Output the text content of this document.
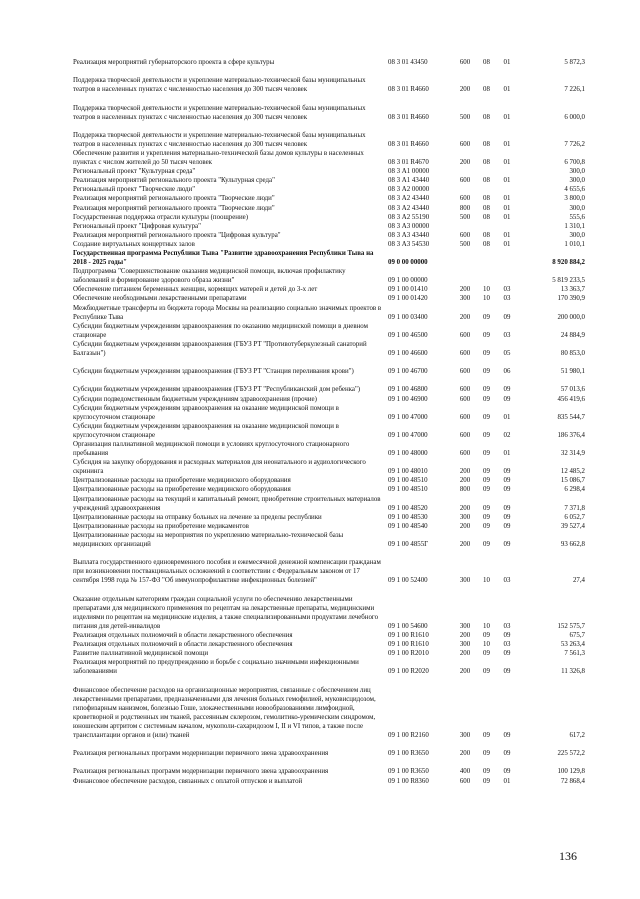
Реализация мероприятий губернаторского проекта в сфере культуры	08 3 01 43450	600	08	01	5 872,3
Поддержка творческой деятельности и укрепление материально-технической базы муниципальных театров в населенных пунктах с численностью населения до 300 тысяч человек	08 3 01 R4660	200	08	01	7 226,1
Поддержка творческой деятельности и укрепление материально-технической базы муниципальных театров в населенных пунктах с численностью населения до 300 тысяч человек	08 3 01 R4660	500	08	01	6 000,0
Поддержка творческой деятельности и укрепление материально-технической базы муниципальных театров в населенных пунктах с численностью населения до 300 тысяч человек	08 3 01 R4660	600	08	01	7 726,2
Обеспечение развития и укрепления материально-технической базы домов культуры в населенных пунктах с числом жителей до 50 тысяч человек	08 3 01 R4670	200	08	01	6 700,8
Региональный проект "Культурная среда"	08 3 А1 00000				300,0
Реализация мероприятий регионального проекта "Культурная среда"	08 3 А1 43440	600	08	01	300,0
Региональный проект "Творческие люди"	08 3 А2 00000				4 655,6
Реализация мероприятий регионального проекта "Творческие люди"	08 3 А2 43440	600	08	01	3 800,0
Реализация мероприятий регионального проекта "Творческие люди"	08 3 А2 43440	800	08	01	300,0
Государственная поддержка отрасли культуры (поощрение)	08 3 А2 55190	500	08	01	555,6
Региональный проект "Цифровая культура"	08 3 А3 00000				1 310,1
Реализация мероприятий регионального проекта "Цифровая культура"	08 3 А3 43440	600	08	01	300,0
Создание виртуальных концертных залов	08 3 А3 54530	500	08	01	1 010,1
Государственная программа Республики Тыва "Развитие здравоохранения Республики Тыва на 2018 - 2025 годы"	09 0 00 00000				8 920 884,2
Подпрограмма "Совершенствование оказания медицинской помощи, включая профилактику заболеваний и формирование здорового образа жизни"	09 1 00 00000				5 819 233,5
Обеспечение питанием беременных женщин, кормящих матерей и детей до 3-х лет	09 1 00 01410	200	10	03	13 363,7
Обеспечение необходимыми лекарственными препаратами	09 1 00 01420	300	10	03	170 390,9
Межбюджетные трансферты из бюджета города Москвы на реализацию социально значимых проектов в Республике Тыва	09 1 00 03400	200	09	09	200 000,0
Субсидии бюджетным учреждениям здравоохранения по оказанию медицинской помощи в дневном стационаре	09 1 00 46500	600	09	03	24 884,9
Субсидии бюджетным учреждениям здравоохранения (ГБУЗ РТ "Противотуберкулезный санаторий Балгазын")	09 1 00 46600	600	09	05	80 853,0
Субсидии бюджетным учреждениям здравоохранения (ГБУЗ РТ "Станция переливания крови")	09 1 00 46700	600	09	06	51 980,1
Субсидии бюджетным учреждениям здравоохранения (ГБУЗ РТ "Республиканский дом ребенка")	09 1 00 46800	600	09	09	57 013,6
Субсидии подведомственным бюджетным учреждениям здравоохранения (прочие)	09 1 00 46900	600	09	09	456 419,6
Субсидии бюджетным учреждениям здравоохранения на оказание медицинской помощи в круглосуточном стационаре	09 1 00 47000	600	09	01	835 544,7
Субсидии бюджетным учреждениям здравоохранения на оказание медицинской помощи в круглосуточном стационаре	09 1 00 47000	600	09	02	186 376,4
Организация паллиативной медицинской помощи в условиях круглосуточного стационарного пребывания	09 1 00 48000	600	09	01	32 314,9
Субсидия на закупку оборудования и расходных материалов для неонатального и аудиологического скрининга	09 1 00 48010	200	09	09	12 485,2
Централизованные расходы на приобретение медицинского оборудования	09 1 00 48510	200	09	09	15 086,7
Централизованные расходы на приобретение медицинского оборудования	09 1 00 48510	800	09	09	6 298,4
Централизованные расходы на текущий и капитальный ремонт, приобретение строительных материалов учреждений здравоохранения	09 1 00 48520	200	09	09	7 371,8
Централизованные расходы на отправку больных на лечение за пределы республики	09 1 00 48530	300	09	09	6 052,7
Централизованные расходы на приобретение медикаментов	09 1 00 48540	200	09	09	39 527,4
Централизованные расходы на мероприятия по укреплению материально-технической базы медицинских организаций	09 1 00 4855Г	200	09	09	93 662,8
Выплата государственного единовременного пособия и ежемесячной денежной компенсации гражданам при возникновении поствакцинальных осложнений в соответствии с Федеральным законом от 17 сентября 1998 года № 157-ФЗ "Об иммунопрофилактике инфекционных болезней"	09 1 00 52400	300	10	03	27,4
Оказание отдельным категориям граждан социальной услуги по обеспечению лекарственными препаратами для медицинского применения по рецептам на лекарственные препараты, медицинскими изделиями по рецептам на медицинские изделия, а также специализированными продуктами лечебного питания для детей-инвалидов	09 1 00 54600	300	10	03	152 575,7
Реализация отдельных полномочий в области лекарственного обеспечения	09 1 00 R1610	200	09	09	675,7
Реализация отдельных полномочий в области лекарственного обеспечения	09 1 00 R1610	300	10	03	53 263,4
Развитие паллиативной медицинской помощи	09 1 00 R2010	200	09	09	7 561,3
Реализация мероприятий по предупреждению и борьбе с социально значимыми инфекционными заболеваниями	09 1 00 R2020	200	09	09	11 326,8
Финансовое обеспечение расходов на организационные мероприятия, связанные с обеспечением лиц лекарственными препаратами, предназначенными для лечения больных гемофилией, муковисцидозом, гипофизарным нанизмом, болезнью Гоше, злокачественными новообразованиями лимфоидной, кроветворной и родственных им тканей, рассеянным склерозом, гемолитико-уремическим синдромом, юношеским артритом с системным началом, мукополи-сахаридозом I, II и VI типов, а также после трансплантации органов и (или) тканей	09 1 00 R2160	300	09	09	617,2
Реализация региональных программ модернизации первичного звена здравоохранения	09 1 00 R3650	200	09	09	225 572,2
Реализация региональных программ модернизации первичного звена здравоохранения	09 1 00 R3650	400	09	09	100 129,8
Финансовое обеспечение расходов, связанных с оплатой отпусков и выплатой	09 1 00 R8360	600	09	01	72 868,4
136
